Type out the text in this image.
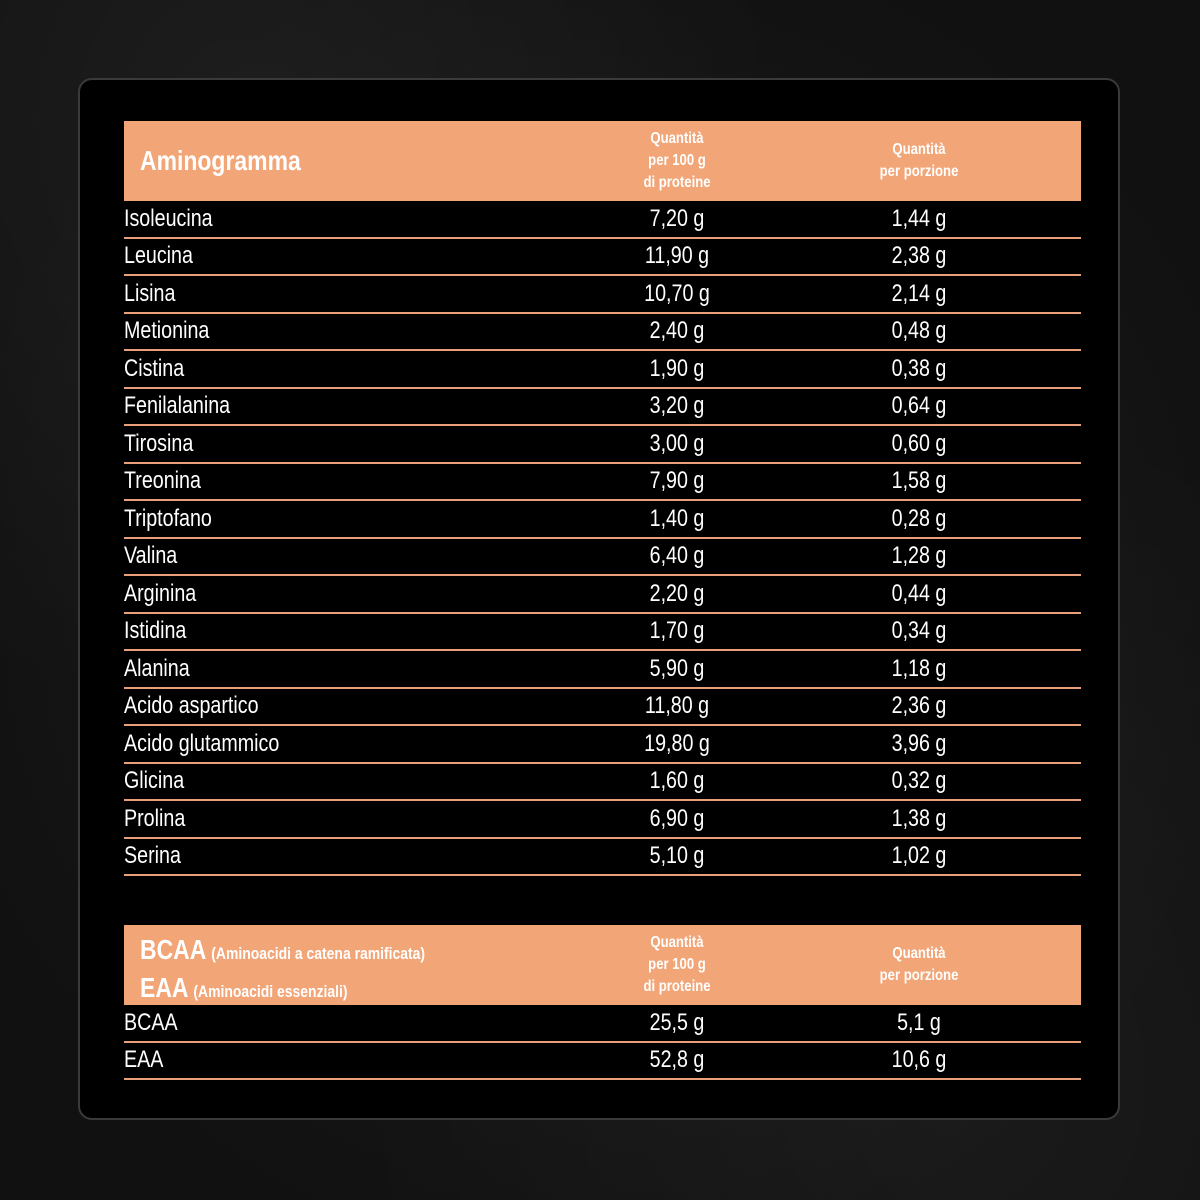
Aminogramma
Quantità
per 100 g
di proteine
Quantità
per porzione
Isoleucina	7,20 g	1,44 g
Leucina	11,90 g	2,38 g
Lisina	10,70 g	2,14 g
Metionina	2,40 g	0,48 g
Cistina	1,90 g	0,38 g
Fenilalanina	3,20 g	0,64 g
Tirosina	3,00 g	0,60 g
Treonina	7,90 g	1,58 g
Triptofano	1,40 g	0,28 g
Valina	6,40 g	1,28 g
Arginina	2,20 g	0,44 g
Istidina	1,70 g	0,34 g
Alanina	5,90 g	1,18 g
Acido aspartico	11,80 g	2,36 g
Acido glutammico	19,80 g	3,96 g
Glicina	1,60 g	0,32 g
Prolina	6,90 g	1,38 g
Serina	5,10 g	1,02 g
BCAA (Aminoacidi a catena ramificata)
EAA (Aminoacidi essenziali)
Quantità
per 100 g
di proteine
Quantità
per porzione
BCAA	25,5 g	5,1 g
EAA	52,8 g	10,6 g
